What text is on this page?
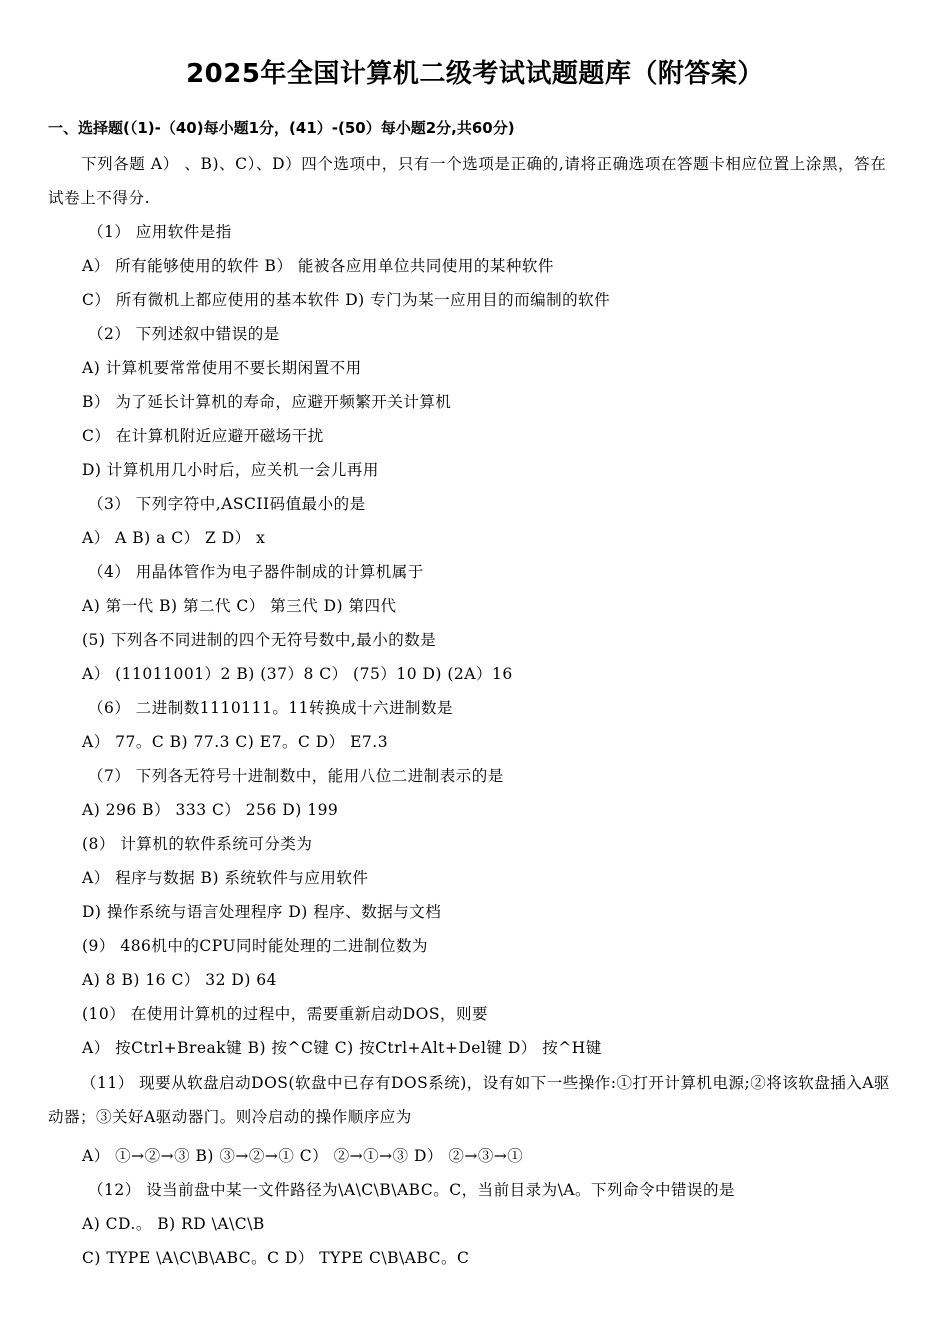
2025年全国计算机二级考试试题题库（附答案）
一、选择题(（1)-（40)每小题1分，(41）-(50）每小题2分,共60分)
下列各题 A） 、B)、C）、D）四个选项中，只有一个选项是正确的,请将正确选项在答题卡相应位置上涂黑，答在试卷上不得分.
（1） 应用软件是指
A） 所有能够使用的软件 B） 能被各应用单位共同使用的某种软件
C） 所有微机上都应使用的基本软件 D) 专门为某一应用目的而编制的软件
（2） 下列述叙中错误的是
A) 计算机要常常使用不要长期闲置不用
B） 为了延长计算机的寿命，应避开频繁开关计算机
C） 在计算机附近应避开磁场干扰
D) 计算机用几小时后，应关机一会儿再用
（3） 下列字符中,ASCII码值最小的是
A） A B) a C） Z D） x
（4） 用晶体管作为电子器件制成的计算机属于
A) 第一代 B) 第二代 C） 第三代 D) 第四代
(5) 下列各不同进制的四个无符号数中,最小的数是
A） (11011001）2 B) (37）8 C） (75）10 D) (2A）16
（6） 二进制数1110111。11转换成十六进制数是
A） 77。C B) 77.3 C) E7。C D） E7.3
（7） 下列各无符号十进制数中，能用八位二进制表示的是
A) 296 B） 333 C） 256 D) 199
(8） 计算机的软件系统可分类为
A） 程序与数据 B) 系统软件与应用软件
D) 操作系统与语言处理程序 D) 程序、数据与文档
(9） 486机中的CPU同时能处理的二进制位数为
A) 8 B) 16 C） 32 D) 64
(10） 在使用计算机的过程中，需要重新启动DOS，则要
A） 按Ctrl+Break键 B) 按^C键 C) 按Ctrl+Alt+Del键 D） 按^H键
（11） 现要从软盘启动DOS(软盘中已存有DOS系统)，设有如下一些操作:①打开计算机电源;②将该软盘插入A驱动器；③关好A驱动器门。则冷启动的操作顺序应为
A） ①→②→③ B) ③→②→① C） ②→①→③ D） ②→③→①
（12） 设当前盘中某一文件路径为\A\C\B\ABC。C，当前目录为\A。下列命令中错误的是
A) CD.。 B) RD \A\C\B
C) TYPE \A\C\B\ABC。C D） TYPE C\B\ABC。C
